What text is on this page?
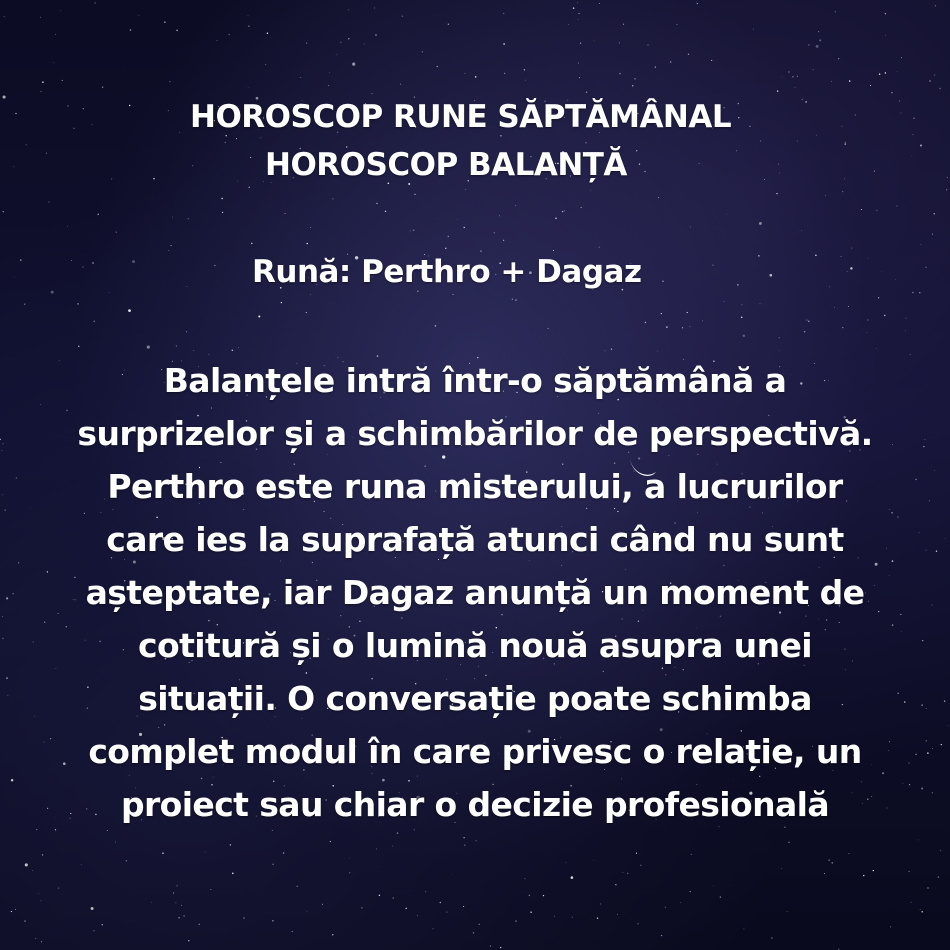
HOROSCOP RUNE SĂPTĂMÂNAL
HOROSCOP BALANȚĂ
Rună: Perthro + Dagaz
Balanțele intră într-o săptămână a
surprizelor și a schimbărilor de perspectivă.
Perthro este runa misterului, a lucrurilor
care ies la suprafață atunci când nu sunt
așteptate, iar Dagaz anunță un moment de
cotitură și o lumină nouă asupra unei
situații. O conversație poate schimba
complet modul în care privesc o relație, un
proiect sau chiar o decizie profesională
